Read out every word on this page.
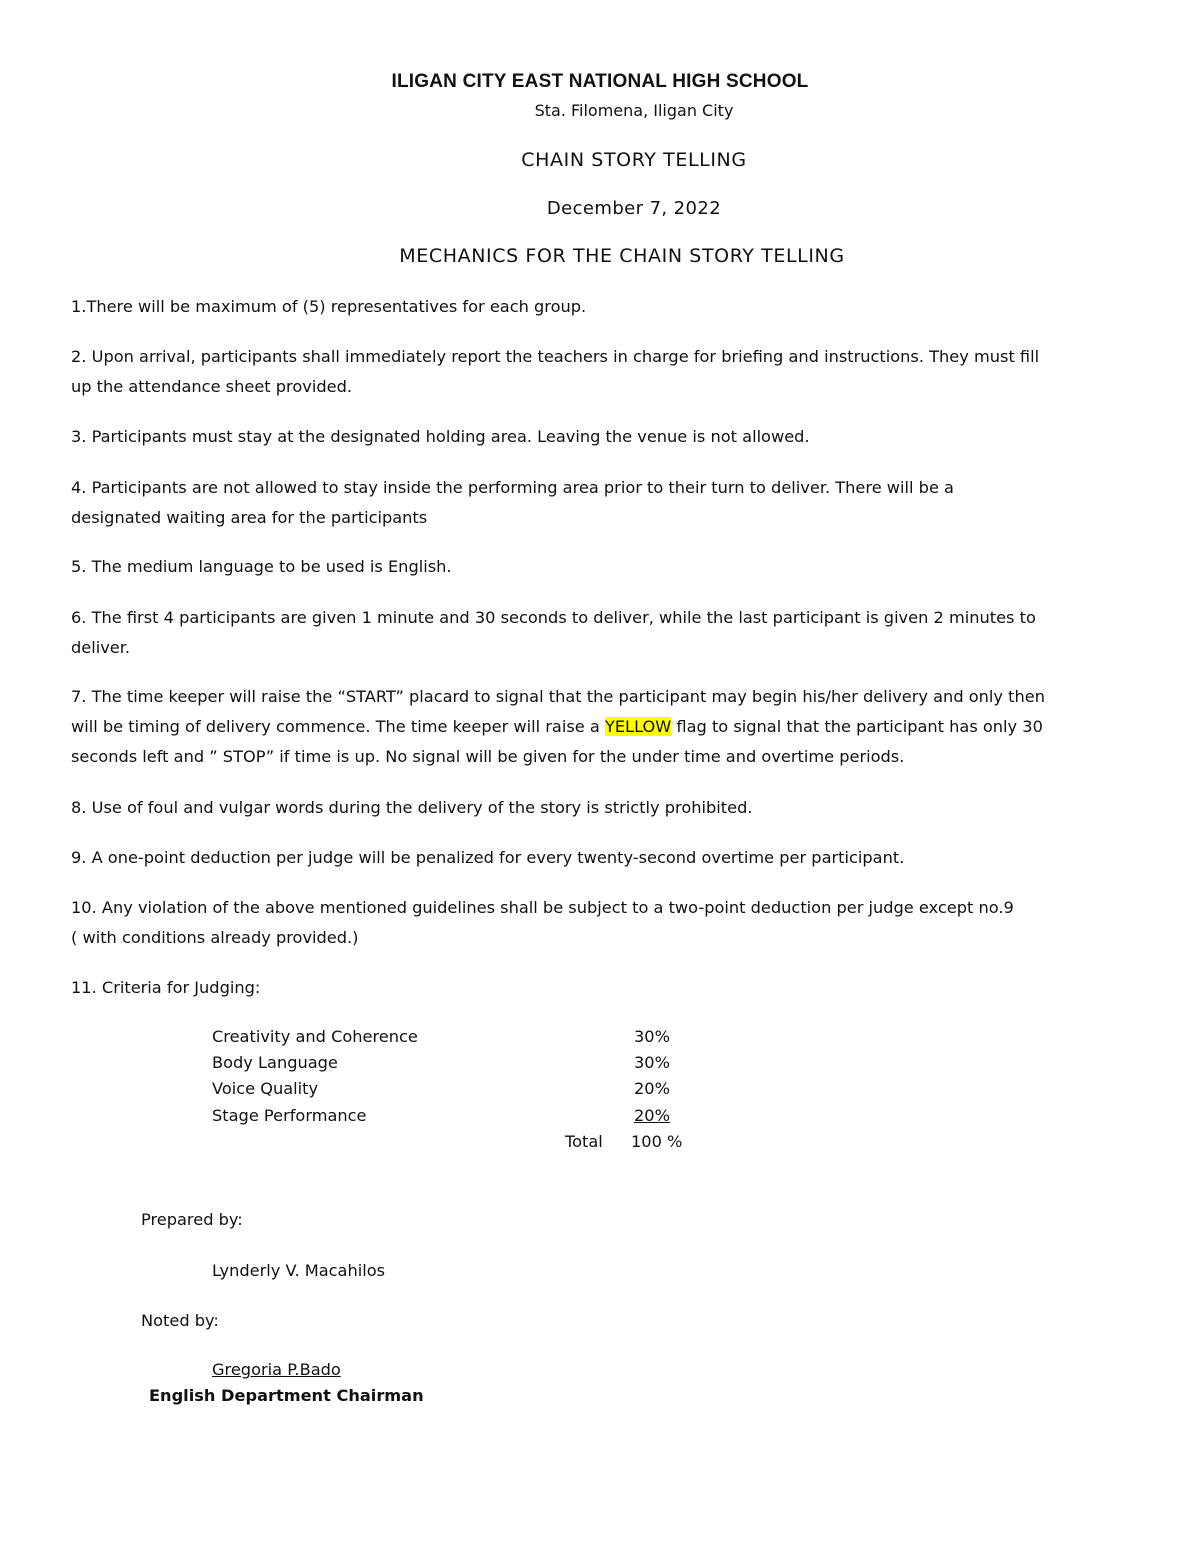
ILIGAN CITY EAST NATIONAL HIGH SCHOOL
Sta. Filomena, Iligan City
CHAIN STORY TELLING
December 7, 2022
MECHANICS FOR THE CHAIN STORY TELLING
1.There will be maximum of (5) representatives for each group.
2. Upon arrival, participants shall immediately report the teachers in charge for briefing and instructions. They must fill
up the attendance sheet provided.
3. Participants must stay at the designated holding area. Leaving the venue is not allowed.
4. Participants are not allowed to stay inside the performing area prior to their turn to deliver. There will be a
designated waiting area for the participants
5. The medium language to be used is English.
6. The first 4 participants are given 1 minute and 30 seconds to deliver, while the last participant is given 2 minutes to
deliver.
7. The time keeper will raise the “START” placard to signal that the participant may begin his/her delivery and only then
will be timing of delivery commence. The time keeper will raise a YELLOW flag to signal that the participant has only 30
seconds left and ” STOP” if time is up. No signal will be given for the under time and overtime periods.
8. Use of foul and vulgar words during the delivery of the story is strictly prohibited.
9. A one-point deduction per judge will be penalized for every twenty-second overtime per participant.
10. Any violation of the above mentioned guidelines shall be subject to a two-point deduction per judge except no.9
( with conditions already provided.)
11. Criteria for Judging:
Creativity and Coherence	30%
Body Language	30%
Voice Quality	20%
Stage Performance	20%
Total 100 %
Prepared by:
Lynderly V. Macahilos
Noted by:
Gregoria P.Bado
English Department Chairman
